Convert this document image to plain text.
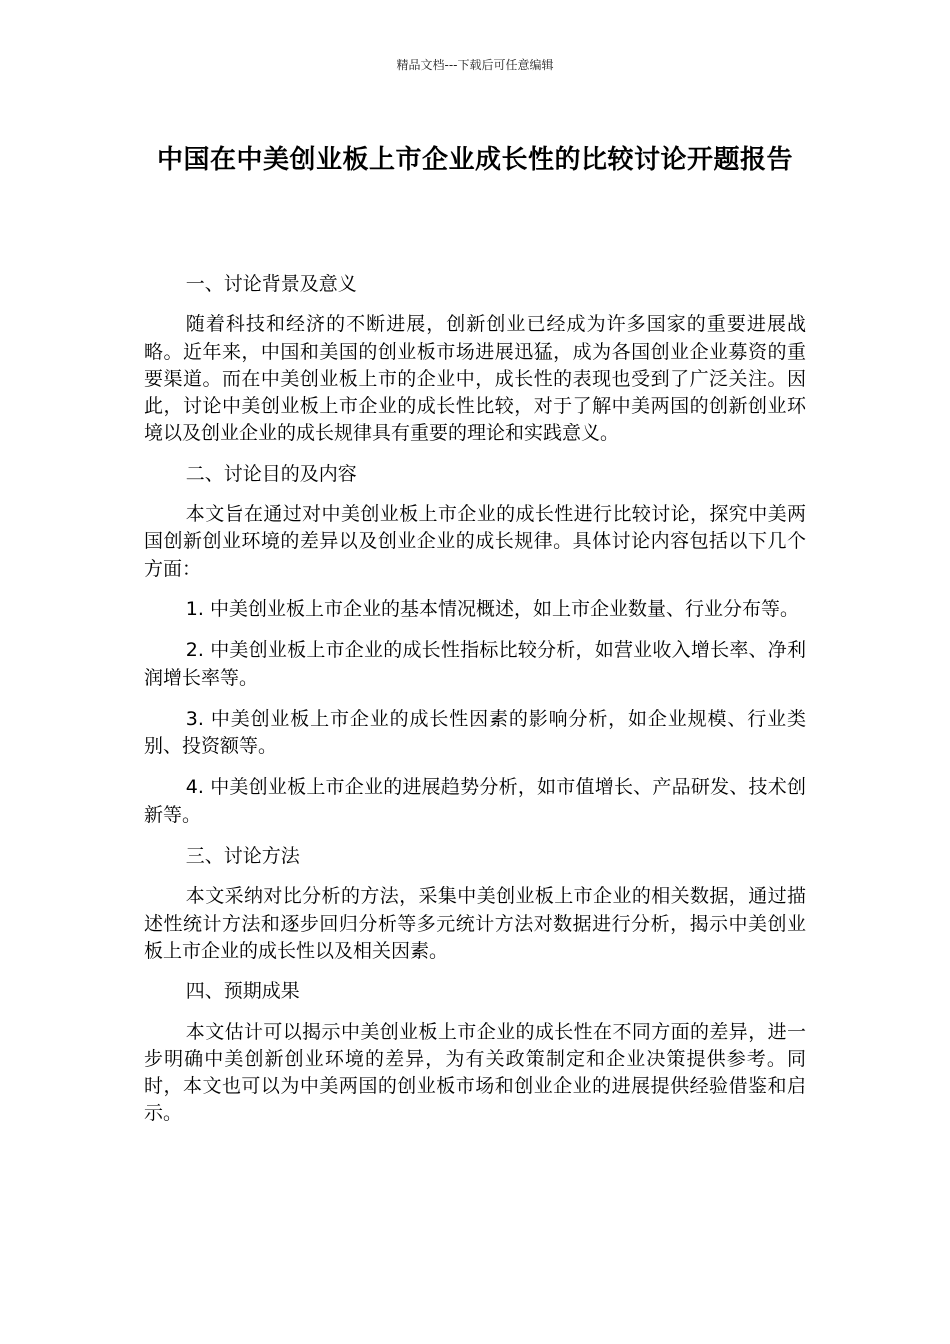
精品文档---下载后可任意编辑
中国在中美创业板上市企业成长性的比较讨论开题报告

一、讨论背景及意义

随着科技和经济的不断进展，创新创业已经成为许多国家的重要进展战略。近年来，中国和美国的创业板市场进展迅猛，成为各国创业企业募资的重要渠道。而在中美创业板上市的企业中，成长性的表现也受到了广泛关注。因此，讨论中美创业板上市企业的成长性比较，对于了解中美两国的创新创业环境以及创业企业的成长规律具有重要的理论和实践意义。

二、讨论目的及内容

本文旨在通过对中美创业板上市企业的成长性进行比较讨论，探究中美两国创新创业环境的差异以及创业企业的成长规律。具体讨论内容包括以下几个方面：

1. 中美创业板上市企业的基本情况概述，如上市企业数量、行业分布等。

2. 中美创业板上市企业的成长性指标比较分析，如营业收入增长率、净利润增长率等。

3. 中美创业板上市企业的成长性因素的影响分析，如企业规模、行业类别、投资额等。

4. 中美创业板上市企业的进展趋势分析，如市值增长、产品研发、技术创新等。

三、讨论方法

本文采纳对比分析的方法，采集中美创业板上市企业的相关数据，通过描述性统计方法和逐步回归分析等多元统计方法对数据进行分析，揭示中美创业板上市企业的成长性以及相关因素。

四、预期成果

本文估计可以揭示中美创业板上市企业的成长性在不同方面的差异，进一步明确中美创新创业环境的差异，为有关政策制定和企业决策提供参考。同时，本文也可以为中美两国的创业板市场和创业企业的进展提供经验借鉴和启示。
